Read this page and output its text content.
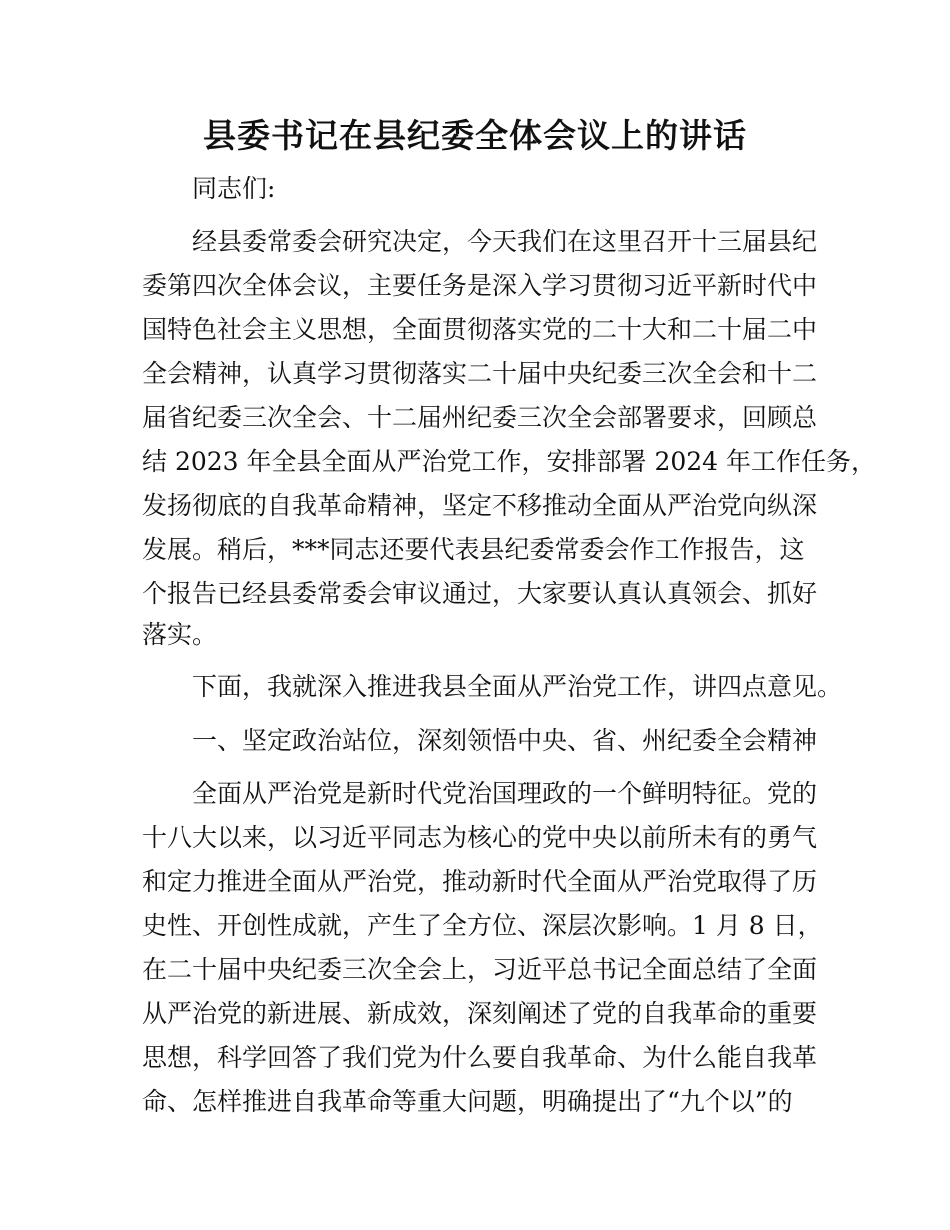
县委书记在县纪委全体会议上的讲话
同志们:
经县委常委会研究决定，今天我们在这里召开十三届县纪
委第四次全体会议，主要任务是深入学习贯彻习近平新时代中
国特色社会主义思想，全面贯彻落实党的二十大和二十届二中
全会精神，认真学习贯彻落实二十届中央纪委三次全会和十二
届省纪委三次全会、十二届州纪委三次全会部署要求，回顾总
结 2023 年全县全面从严治党工作，安排部署 2024 年工作任务，
发扬彻底的自我革命精神，坚定不移推动全面从严治党向纵深
发展。稍后，***同志还要代表县纪委常委会作工作报告，这
个报告已经县委常委会审议通过，大家要认真认真领会、抓好
落实。
下面，我就深入推进我县全面从严治党工作，讲四点意见。
一、坚定政治站位，深刻领悟中央、省、州纪委全会精神
全面从严治党是新时代党治国理政的一个鲜明特征。党的
十八大以来，以习近平同志为核心的党中央以前所未有的勇气
和定力推进全面从严治党，推动新时代全面从严治党取得了历
史性、开创性成就，产生了全方位、深层次影响。1 月 8 日，
在二十届中央纪委三次全会上，习近平总书记全面总结了全面
从严治党的新进展、新成效，深刻阐述了党的自我革命的重要
思想，科学回答了我们党为什么要自我革命、为什么能自我革
命、怎样推进自我革命等重大问题，明确提出了“九个以”的
